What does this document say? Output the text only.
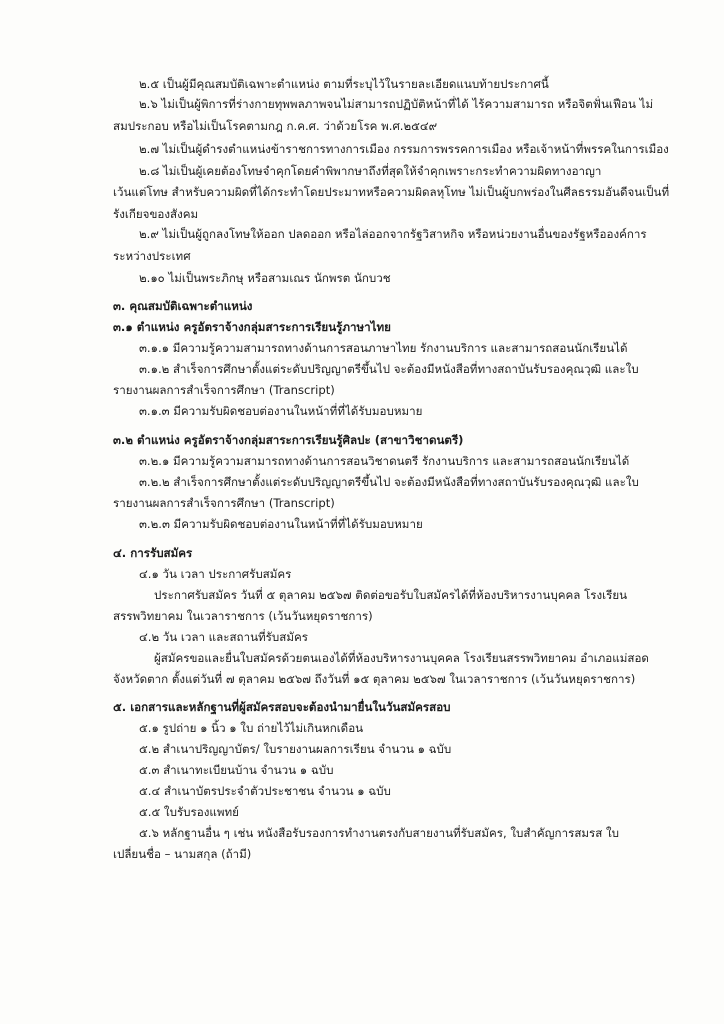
๒.๕ เป็นผู้มีคุณสมบัติเฉพาะตำแหน่ง ตามที่ระบุไว้ในรายละเอียดแนบท้ายประกาศนี้
๒.๖ ไม่เป็นผู้พิการที่ร่างกายทุพพลภาพจนไม่สามารถปฏิบัติหน้าที่ได้ ไร้ความสามารถ หรือจิตฟั่นเฟือน ไม่
สมประกอบ หรือไม่เป็นโรคตามกฎ ก.ค.ศ. ว่าด้วยโรค พ.ศ.๒๕๔๙
๒.๗ ไม่เป็นผู้ดำรงตำแหน่งข้าราชการทางการเมือง กรรมการพรรคการเมือง หรือเจ้าหน้าที่พรรคในการเมือง
๒.๘ ไม่เป็นผู้เคยต้องโทษจำคุกโดยคำพิพากษาถึงที่สุดให้จำคุกเพราะกระทำความผิดทางอาญา
เว้นแต่โทษ สำหรับความผิดที่ได้กระทำโดยประมาทหรือความผิดลหุโทษ ไม่เป็นผู้บกพร่องในศีลธรรมอันดีจนเป็นที่
รังเกียจของสังคม
๒.๙ ไม่เป็นผู้ถูกลงโทษให้ออก ปลดออก หรือไล่ออกจากรัฐวิสาหกิจ หรือหน่วยงานอื่นของรัฐหรือองค์การ
ระหว่างประเทศ
๒.๑๐ ไม่เป็นพระภิกษุ หรือสามเณร นักพรต นักบวช
๓. คุณสมบัติเฉพาะตำแหน่ง
๓.๑ ตำแหน่ง ครูอัตราจ้างกลุ่มสาระการเรียนรู้ภาษาไทย
๓.๑.๑ มีความรู้ความสามารถทางด้านการสอนภาษาไทย รักงานบริการ และสามารถสอนนักเรียนได้
๓.๑.๒ สำเร็จการศึกษาตั้งแต่ระดับปริญญาตรีขึ้นไป จะต้องมีหนังสือที่ทางสถาบันรับรองคุณวุฒิ และใบ
รายงานผลการสำเร็จการศึกษา (Transcript)
๓.๑.๓ มีความรับผิดชอบต่องานในหน้าที่ที่ได้รับมอบหมาย
๓.๒ ตำแหน่ง ครูอัตราจ้างกลุ่มสาระการเรียนรู้ศิลปะ (สาขาวิชาดนตรี)
๓.๒.๑ มีความรู้ความสามารถทางด้านการสอนวิชาดนตรี รักงานบริการ และสามารถสอนนักเรียนได้
๓.๒.๒ สำเร็จการศึกษาตั้งแต่ระดับปริญญาตรีขึ้นไป จะต้องมีหนังสือที่ทางสถาบันรับรองคุณวุฒิ และใบ
รายงานผลการสำเร็จการศึกษา (Transcript)
๓.๒.๓ มีความรับผิดชอบต่องานในหน้าที่ที่ได้รับมอบหมาย
๔. การรับสมัคร
๔.๑ วัน เวลา ประกาศรับสมัคร
ประกาศรับสมัคร วันที่ ๕ ตุลาคม ๒๕๖๗ ติดต่อขอรับใบสมัครได้ที่ห้องบริหารงานบุคคล โรงเรียน
สรรพวิทยาคม ในเวลาราชการ (เว้นวันหยุดราชการ)
๔.๒ วัน เวลา และสถานที่รับสมัคร
ผู้สมัครขอและยื่นใบสมัครด้วยตนเองได้ที่ห้องบริหารงานบุคคล โรงเรียนสรรพวิทยาคม อำเภอแม่สอด
จังหวัดตาก ตั้งแต่วันที่ ๗ ตุลาคม ๒๕๖๗ ถึงวันที่ ๑๕ ตุลาคม ๒๕๖๗ ในเวลาราชการ (เว้นวันหยุดราชการ)
๕. เอกสารและหลักฐานที่ผู้สมัครสอบจะต้องนำมายื่นในวันสมัครสอบ
๕.๑ รูปถ่าย ๑ นิ้ว ๑ ใบ ถ่ายไว้ไม่เกินหกเดือน
๕.๒ สำเนาปริญญาบัตร/ ใบรายงานผลการเรียน จำนวน ๑ ฉบับ
๕.๓ สำเนาทะเบียนบ้าน จำนวน ๑ ฉบับ
๕.๔ สำเนาบัตรประจำตัวประชาชน จำนวน ๑ ฉบับ
๕.๕ ใบรับรองแพทย์
๕.๖ หลักฐานอื่น ๆ เช่น หนังสือรับรองการทำงานตรงกับสายงานที่รับสมัคร, ใบสำคัญการสมรส ใบ
เปลี่ยนชื่อ – นามสกุล (ถ้ามี)
